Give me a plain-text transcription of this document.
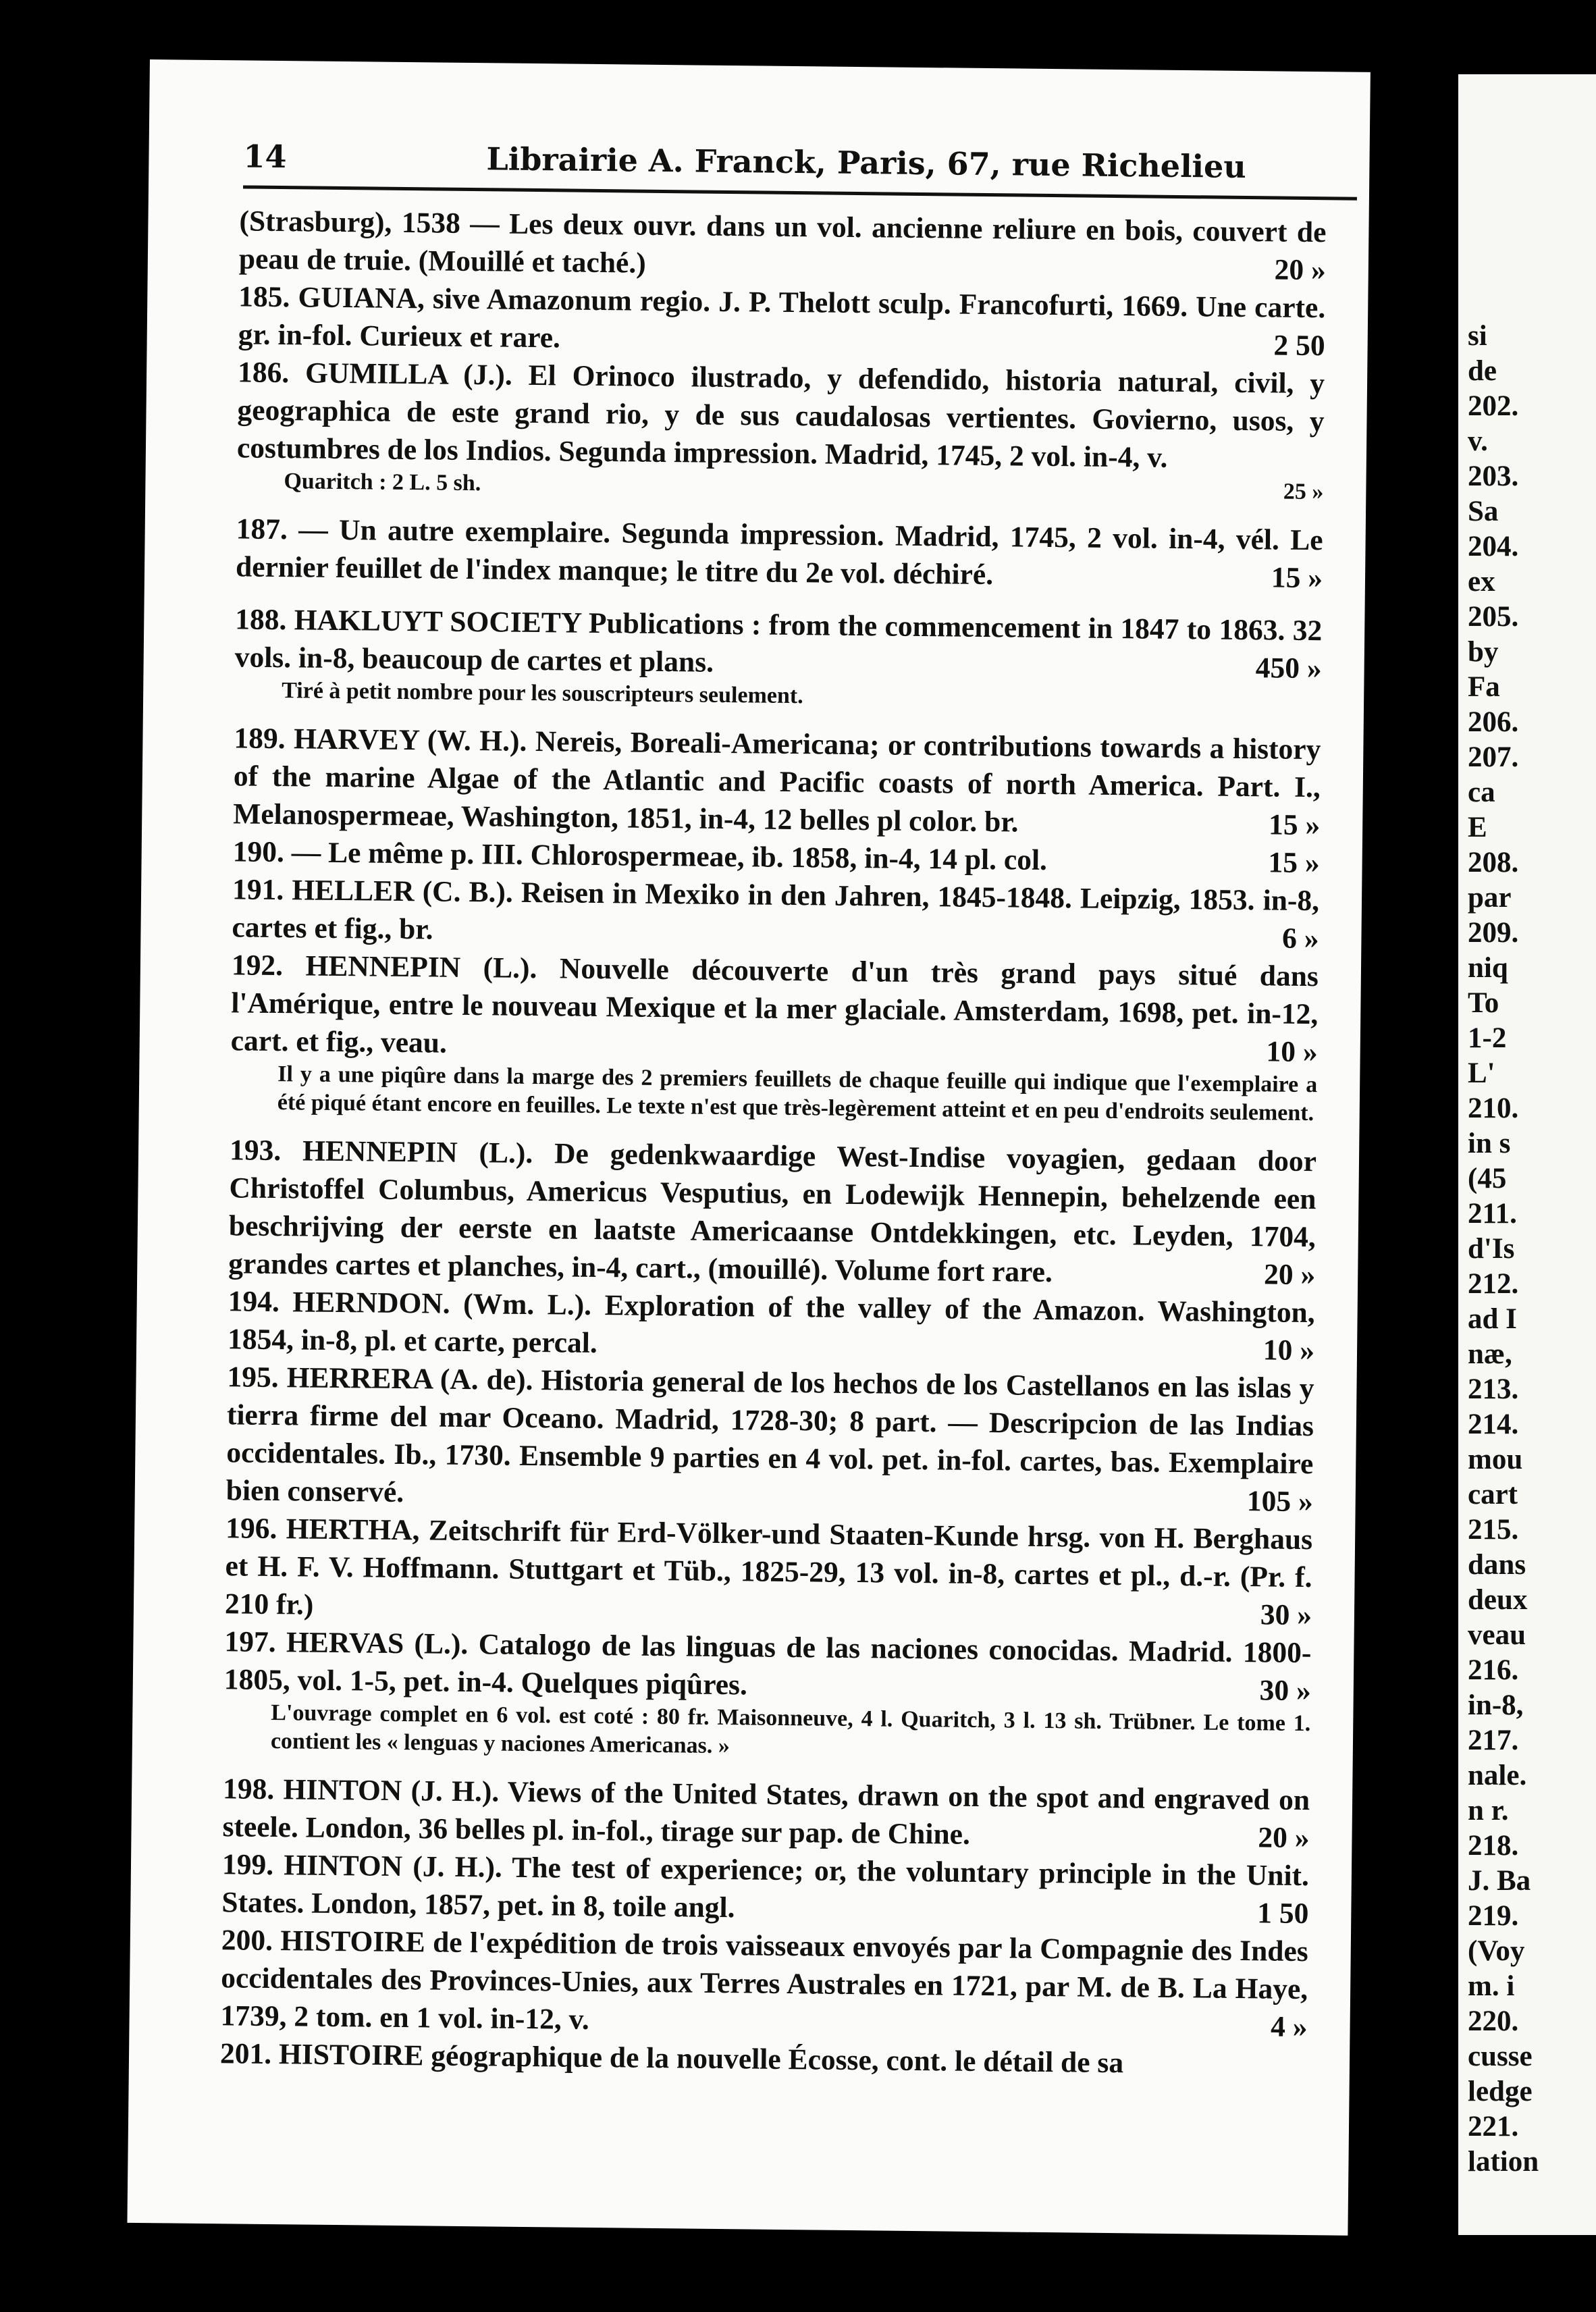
14	Librairie A. Franck, Paris, 67, rue Richelieu
(Strasburg), 1538 — Les deux ouvr. dans un vol. ancienne reliure en bois, couvert de peau de truie. (Mouillé et taché.)	20 »
185. GUIANA, sive Amazonum regio. J. P. Thelott sculp. Francofurti, 1669. Une carte. gr. in-fol. Curieux et rare.	2 50
186. GUMILLA (J.). El Orinoco ilustrado, y defendido, historia natural, civil, y geographica de este grand rio, y de sus caudalosas vertientes. Goviernо, usos, y costumbres de los Indios. Segunda impression. Madrid, 1745, 2 vol. in-4, v.
Quaritch : 2 L. 5 sh.	25 »
187. — Un autre exemplaire. Segunda impression. Madrid, 1745, 2 vol. in-4, vél. Le dernier feuillet de l'index manque; le titre du 2e vol. déchiré.	15 »
188. HAKLUYT SOCIETY Publications : from the commencement in 1847 to 1863. 32 vols. in-8, beaucoup de cartes et plans.	450 »
Tiré à petit nombre pour les souscripteurs seulement.
189. HARVEY (W. H.). Nereis, Boreali-Americana; or contributions towards a history of the marine Algae of the Atlantic and Pacific coasts of north America. Part. I., Melanospermeae, Washington, 1851, in-4, 12 belles pl color. br.	15 »
190. — Le même p. III. Chlorospermeae, ib. 1858, in-4, 14 pl. col.	15 »
191. HELLER (C. B.). Reisen in Mexiko in den Jahren, 1845-1848. Leipzig, 1853. in-8, cartes et fig., br.	6 »
192. HENNEPIN (L.). Nouvelle découverte d'un très grand pays situé dans l'Amérique, entre le nouveau Mexique et la mer glaciale. Amsterdam, 1698, pet. in-12, cart. et fig., veau.	10 »
Il y a une piqûre dans la marge des 2 premiers feuillets de chaque feuille qui indique que l'exemplaire a été piqué étant encore en feuilles. Le texte n'est que très-legèrement atteint et en peu d'endroits seulement.
193. HENNEPIN (L.). De gedenkwaardige West-Indise voyagien, gedaan door Christoffel Columbus, Americus Vesputius, en Lodewijk Hennepin, behelzende een beschrijving der eerste en laatste Americaanse Ontdekkingen, etc. Leyden, 1704, grandes cartes et planches, in-4, cart., (mouillé). Volume fort rare.	20 »
194. HERNDON. (Wm. L.). Exploration of the valley of the Amazon. Washington, 1854, in-8, pl. et carte, percal.	10 »
195. HERRERA (A. de). Historia general de los hechos de los Castellanos en las islas y tierra firme del mar Oceano. Madrid, 1728-30; 8 part. — Descripcion de las Indias occidentales. Ib., 1730. Ensemble 9 parties en 4 vol. pet. in-fol. cartes, bas. Exemplaire bien conservé.	105 »
196. HERTHA, Zeitschrift für Erd-Völker-und Staaten-Kunde hrsg. von H. Berghaus et H. F. V. Hoffmann. Stuttgart et Tüb., 1825-29, 13 vol. in-8, cartes et pl., d.-r. (Pr. f. 210 fr.)	30 »
197. HERVAS (L.). Catalogo de las linguas de las naciones conocidas. Madrid. 1800-1805, vol. 1-5, pet. in-4. Quelques piqûres.	30 »
L'ouvrage complet en 6 vol. est coté : 80 fr. Maisonneuve, 4 l. Quaritch, 3 l. 13 sh. Trübner. Le tome 1. contient les « lenguas y naciones Americanas. »
198. HINTON (J. H.). Views of the United States, drawn on the spot and engraved on steele. London, 36 belles pl. in-fol., tirage sur pap. de Chine.	20 »
199. HINTON (J. H.). The test of experience; or, the voluntary principle in the Unit. States. London, 1857, pet. in 8, toile angl.	1 50
200. HISTOIRE de l'expédition de trois vaisseaux envoyés par la Compagnie des Indes occidentales des Provinces-Unies, aux Terres Australes en 1721, par M. de B. La Haye, 1739, 2 tom. en 1 vol. in-12, v.	4 »
201. HISTOIRE géographique de la nouvelle Écosse, cont. le détail de sa
si
de
202.
v.
203.
Sa
204.
ex
205.
by
Fa
206.
207.
ca
E
208.
par
209.
niq
To
1-2
L'
210.
in s
(45
211.
d'Is
212.
ad I
næ,
213.
214.
mou
cart
215.
dans
deux
veau
216.
in-8,
217.
nale.
n r.
218.
J. Ba
219.
(Voy
m. i
220.
cusse
ledge
221.
lation
